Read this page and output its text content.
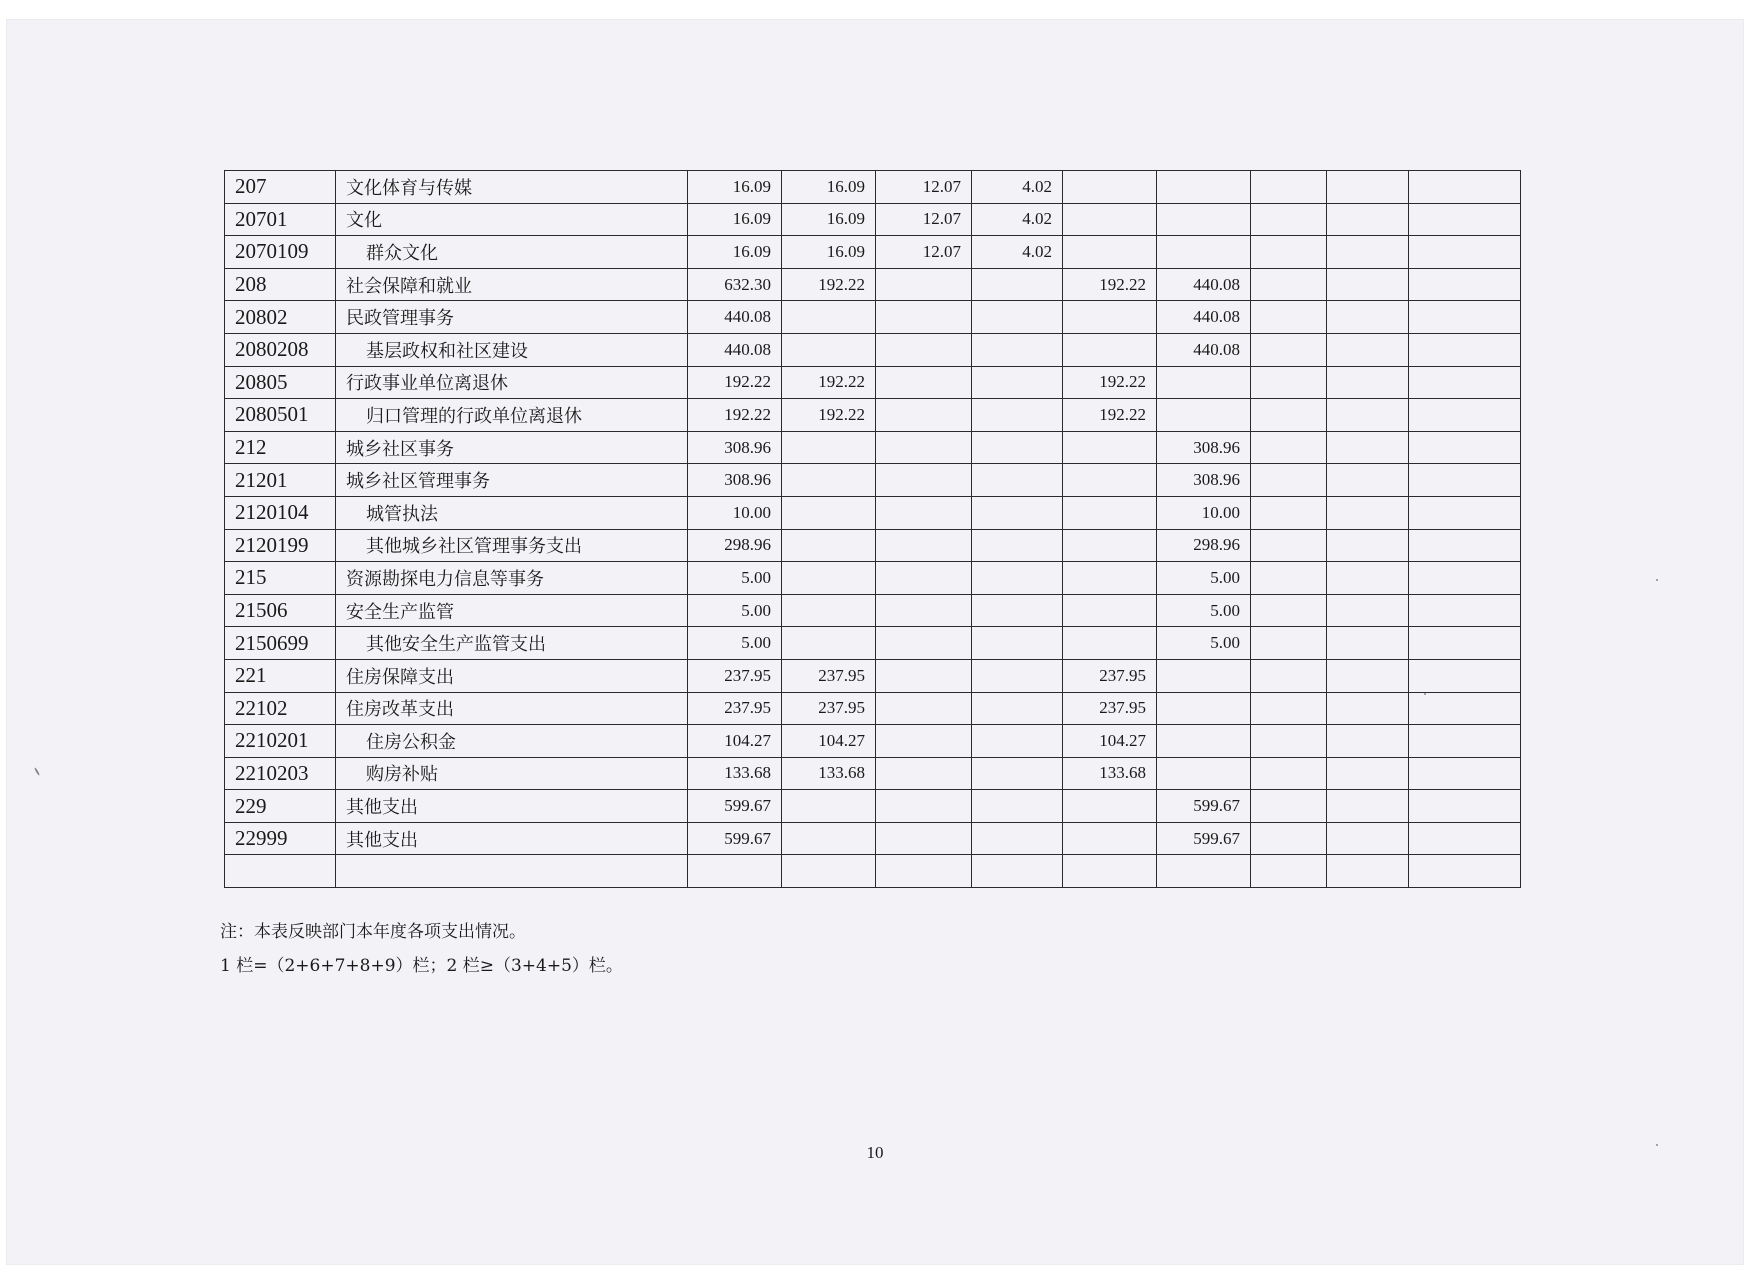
207	文化体育与传媒	16.09	16.09	12.07	4.02					
20701	文化	16.09	16.09	12.07	4.02					
2070109	群众文化	16.09	16.09	12.07	4.02					
208	社会保障和就业	632.30	192.22			192.22	440.08			
20802	民政管理事务	440.08					440.08			
2080208	基层政权和社区建设	440.08					440.08			
20805	行政事业单位离退休	192.22	192.22			192.22				
2080501	归口管理的行政单位离退休	192.22	192.22			192.22				
212	城乡社区事务	308.96					308.96			
21201	城乡社区管理事务	308.96					308.96			
2120104	城管执法	10.00					10.00			
2120199	其他城乡社区管理事务支出	298.96					298.96			
215	资源勘探电力信息等事务	5.00					5.00			
21506	安全生产监管	5.00					5.00			
2150699	其他安全生产监管支出	5.00					5.00			
221	住房保障支出	237.95	237.95			237.95				
22102	住房改革支出	237.95	237.95			237.95				
2210201	住房公积金	104.27	104.27			104.27				
2210203	购房补贴	133.68	133.68			133.68				
229	其他支出	599.67					599.67			
22999	其他支出	599.67					599.67			

注：本表反映部门本年度各项支出情况。
1 栏=（2+6+7+8+9）栏；2 栏≥（3+4+5）栏。
10
